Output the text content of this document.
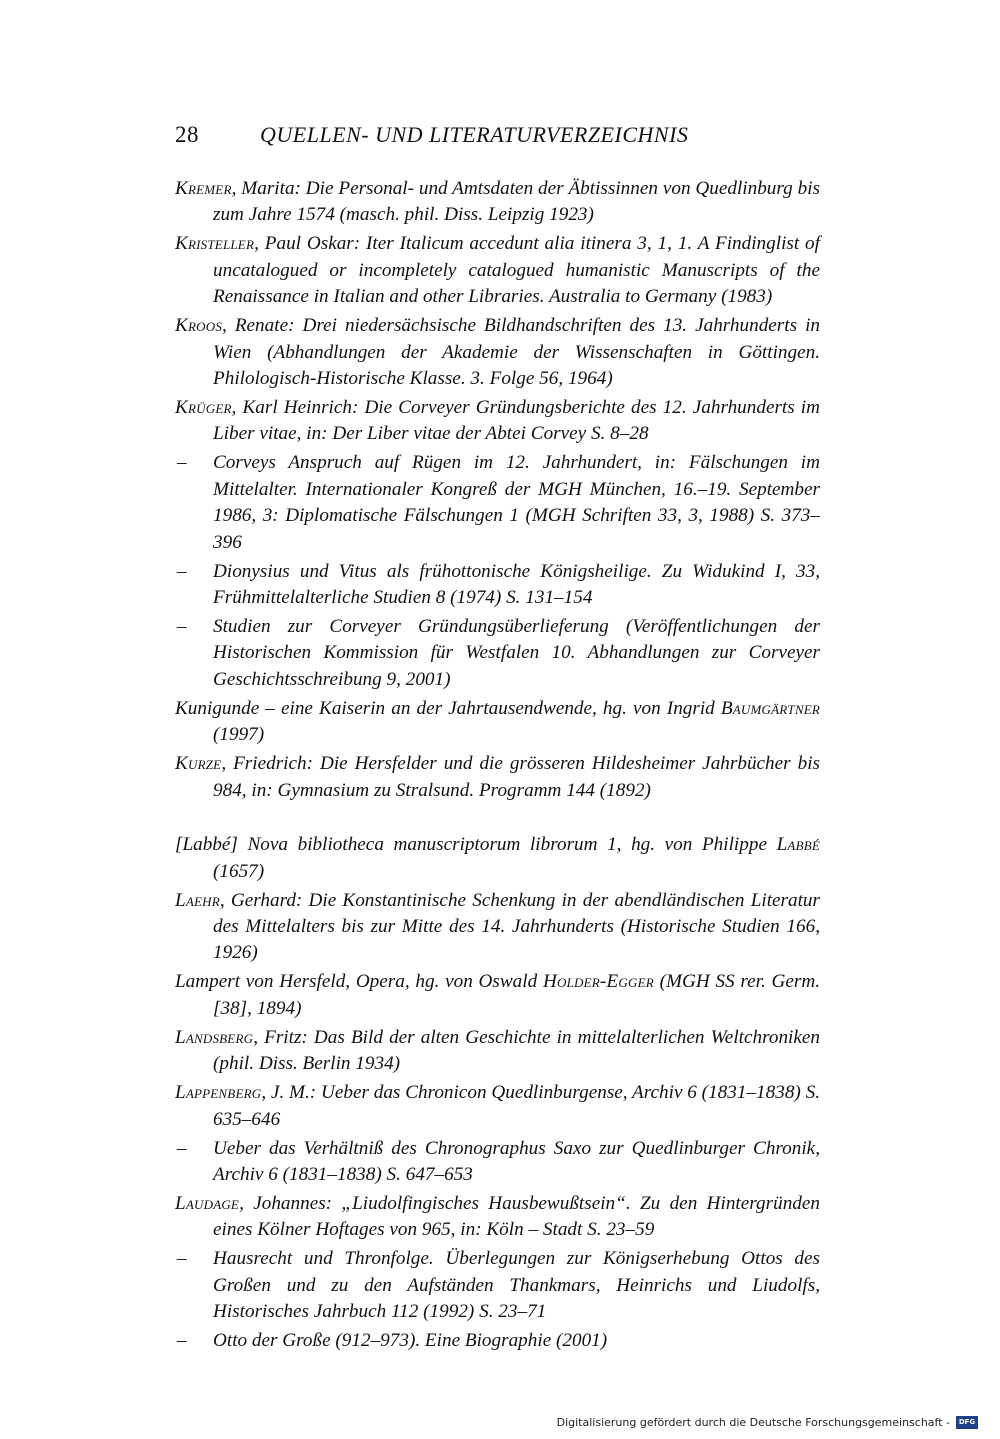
28	QUELLEN- UND LITERATURVERZEICHNIS

Kremer, Marita: Die Personal- und Amtsdaten der Äbtissinnen von Quedlinburg bis zum Jahre 1574 (masch. phil. Diss. Leipzig 1923)

Kristeller, Paul Oskar: Iter Italicum accedunt alia itinera 3, 1, 1. A Findinglist of uncatalogued or incompletely catalogued humanistic Manuscripts of the Renaissance in Italian and other Libraries. Australia to Germany (1983)

Kroos, Renate: Drei niedersächsische Bildhandschriften des 13. Jahrhunderts in Wien (Abhandlungen der Akademie der Wissenschaften in Göttingen. Philologisch-Historische Klasse. 3. Folge 56, 1964)

Krüger, Karl Heinrich: Die Corveyer Gründungsberichte des 12. Jahrhunderts im Liber vitae, in: Der Liber vitae der Abtei Corvey S. 8–28

– Corveys Anspruch auf Rügen im 12. Jahrhundert, in: Fälschungen im Mittelalter. Internationaler Kongreß der MGH München, 16.–19. September 1986, 3: Diplomatische Fälschungen 1 (MGH Schriften 33, 3, 1988) S. 373–396

– Dionysius und Vitus als frühottonische Königsheilige. Zu Widukind I, 33, Frühmittelalterliche Studien 8 (1974) S. 131–154

– Studien zur Corveyer Gründungsüberlieferung (Veröffentlichungen der Historischen Kommission für Westfalen 10. Abhandlungen zur Corveyer Geschichtsschreibung 9, 2001)

Kunigunde – eine Kaiserin an der Jahrtausendwende, hg. von Ingrid Baumgärtner (1997)

Kurze, Friedrich: Die Hersfelder und die grösseren Hildesheimer Jahrbücher bis 984, in: Gymnasium zu Stralsund. Programm 144 (1892)

[Labbé] Nova bibliotheca manuscriptorum librorum 1, hg. von Philippe Labbé (1657)

Laehr, Gerhard: Die Konstantinische Schenkung in der abendländischen Literatur des Mittelalters bis zur Mitte des 14. Jahrhunderts (Historische Studien 166, 1926)

Lampert von Hersfeld, Opera, hg. von Oswald Holder-Egger (MGH SS rer. Germ. [38], 1894)

Landsberg, Fritz: Das Bild der alten Geschichte in mittelalterlichen Weltchroniken (phil. Diss. Berlin 1934)

Lappenberg, J. M.: Ueber das Chronicon Quedlinburgense, Archiv 6 (1831–1838) S. 635–646

– Ueber das Verhältniß des Chronographus Saxo zur Quedlinburger Chronik, Archiv 6 (1831–1838) S. 647–653

Laudage, Johannes: „Liudolfingisches Hausbewußtsein“. Zu den Hintergründen eines Kölner Hoftages von 965, in: Köln – Stadt S. 23–59

– Hausrecht und Thronfolge. Überlegungen zur Königserhebung Ottos des Großen und zu den Aufständen Thankmars, Heinrichs und Liudolfs, Historisches Jahrbuch 112 (1992) S. 23–71

– Otto der Große (912–973). Eine Biographie (2001)

Digitalisierung gefördert durch die Deutsche Forschungsgemeinschaft -	DFG
